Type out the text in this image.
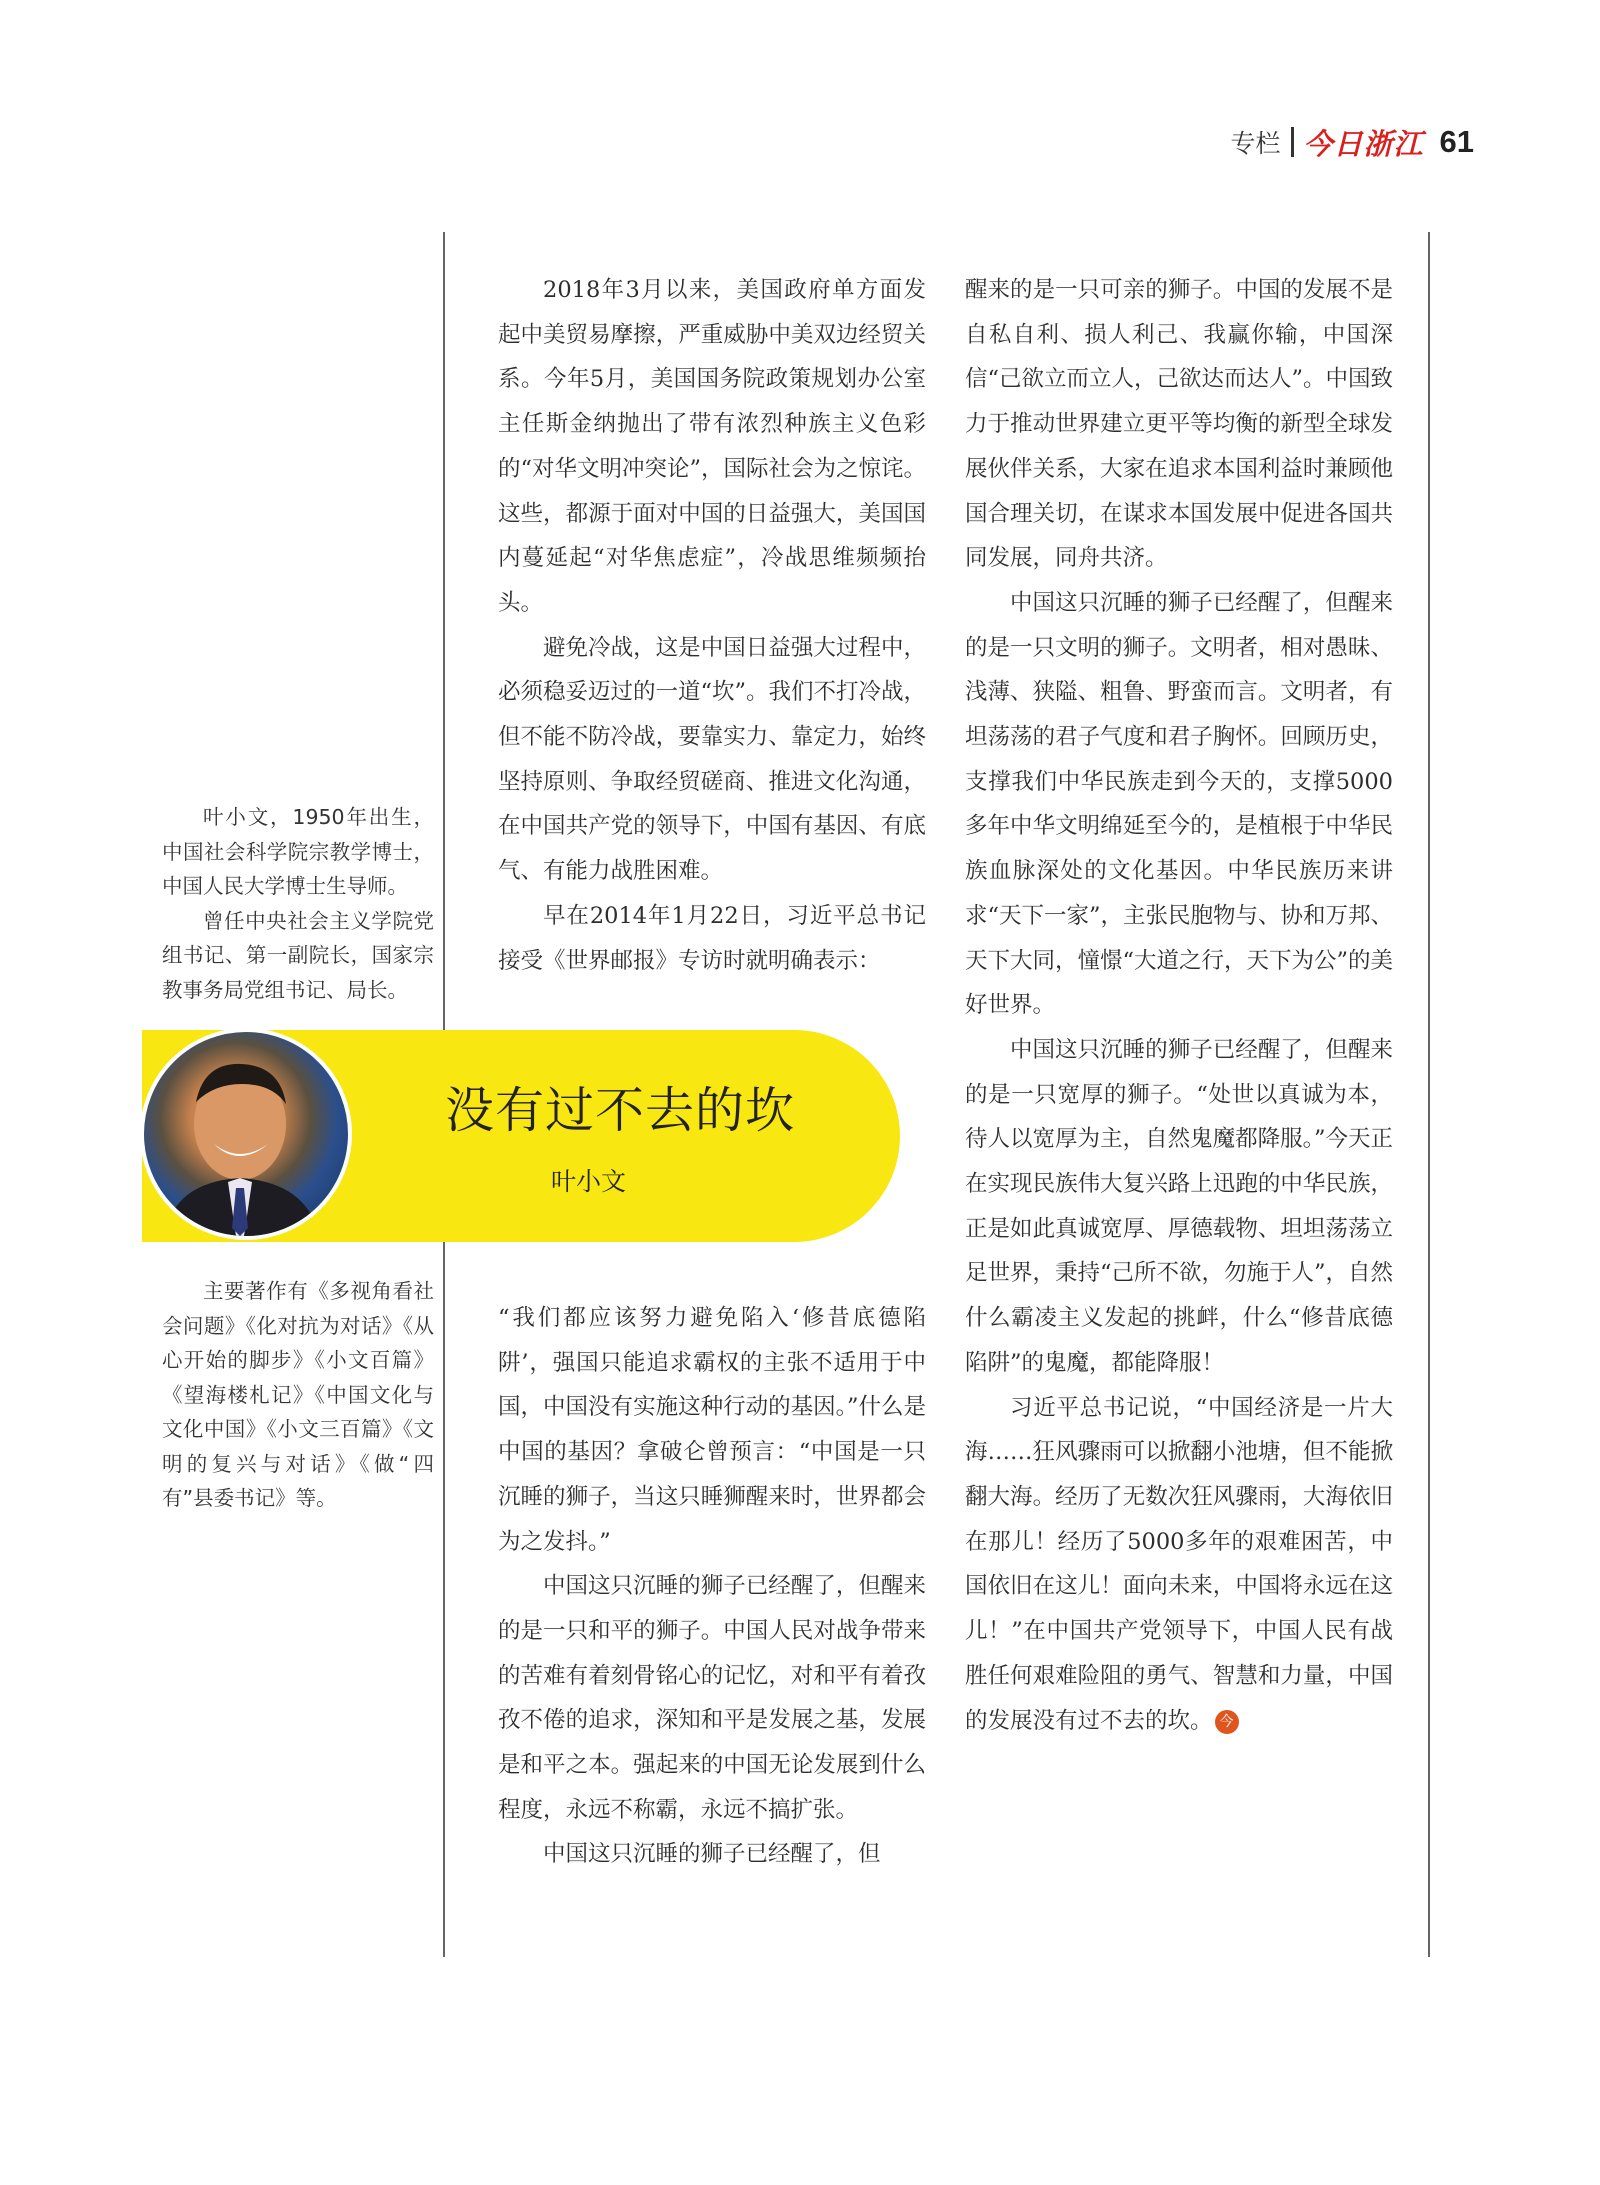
专栏 今日浙江 61

叶小文，1950年出生，中国社会科学院宗教学博士，中国人民大学博士生导师。

曾任中央社会主义学院党组书记、第一副院长，国家宗教事务局党组书记、局长。

没有过不去的坎
叶小文

主要著作有《多视角看社会问题》《化对抗为对话》《从心开始的脚步》《小文百篇》《望海楼札记》《中国文化与文化中国》《小文三百篇》《文明的复兴与对话》《做“四有”县委书记》等。

2018年3月以来，美国政府单方面发起中美贸易摩擦，严重威胁中美双边经贸关系。今年5月，美国国务院政策规划办公室主任斯金纳抛出了带有浓烈种族主义色彩的“对华文明冲突论”，国际社会为之惊诧。这些，都源于面对中国的日益强大，美国国内蔓延起“对华焦虑症”，冷战思维频频抬头。

避免冷战，这是中国日益强大过程中，必须稳妥迈过的一道“坎”。我们不打冷战，但不能不防冷战，要靠实力、靠定力，始终坚持原则、争取经贸磋商、推进文化沟通，在中国共产党的领导下，中国有基因、有底气、有能力战胜困难。

早在2014年1月22日，习近平总书记接受《世界邮报》专访时就明确表示：

“我们都应该努力避免陷入‘修昔底德陷阱’，强国只能追求霸权的主张不适用于中国，中国没有实施这种行动的基因。”什么是中国的基因？拿破仑曾预言：“中国是一只沉睡的狮子，当这只睡狮醒来时，世界都会为之发抖。”

中国这只沉睡的狮子已经醒了，但醒来的是一只和平的狮子。中国人民对战争带来的苦难有着刻骨铭心的记忆，对和平有着孜孜不倦的追求，深知和平是发展之基，发展是和平之本。强起来的中国无论发展到什么程度，永远不称霸，永远不搞扩张。

中国这只沉睡的狮子已经醒了，但

醒来的是一只可亲的狮子。中国的发展不是自私自利、损人利己、我赢你输，中国深信“己欲立而立人，己欲达而达人”。中国致力于推动世界建立更平等均衡的新型全球发展伙伴关系，大家在追求本国利益时兼顾他国合理关切，在谋求本国发展中促进各国共同发展，同舟共济。

中国这只沉睡的狮子已经醒了，但醒来的是一只文明的狮子。文明者，相对愚昧、浅薄、狭隘、粗鲁、野蛮而言。文明者，有坦荡荡的君子气度和君子胸怀。回顾历史，支撑我们中华民族走到今天的，支撑5000多年中华文明绵延至今的，是植根于中华民族血脉深处的文化基因。中华民族历来讲求“天下一家”，主张民胞物与、协和万邦、天下大同，憧憬“大道之行，天下为公”的美好世界。

中国这只沉睡的狮子已经醒了，但醒来的是一只宽厚的狮子。“处世以真诚为本，待人以宽厚为主，自然鬼魔都降服。”今天正在实现民族伟大复兴路上迅跑的中华民族，正是如此真诚宽厚、厚德载物、坦坦荡荡立足世界，秉持“己所不欲，勿施于人”，自然什么霸凌主义发起的挑衅，什么“修昔底德陷阱”的鬼魔，都能降服！

习近平总书记说，“中国经济是一片大海……狂风骤雨可以掀翻小池塘，但不能掀翻大海。经历了无数次狂风骤雨，大海依旧在那儿！经历了5000多年的艰难困苦，中国依旧在这儿！面向未来，中国将永远在这儿！”在中国共产党领导下，中国人民有战胜任何艰难险阻的勇气、智慧和力量，中国的发展没有过不去的坎。 今
